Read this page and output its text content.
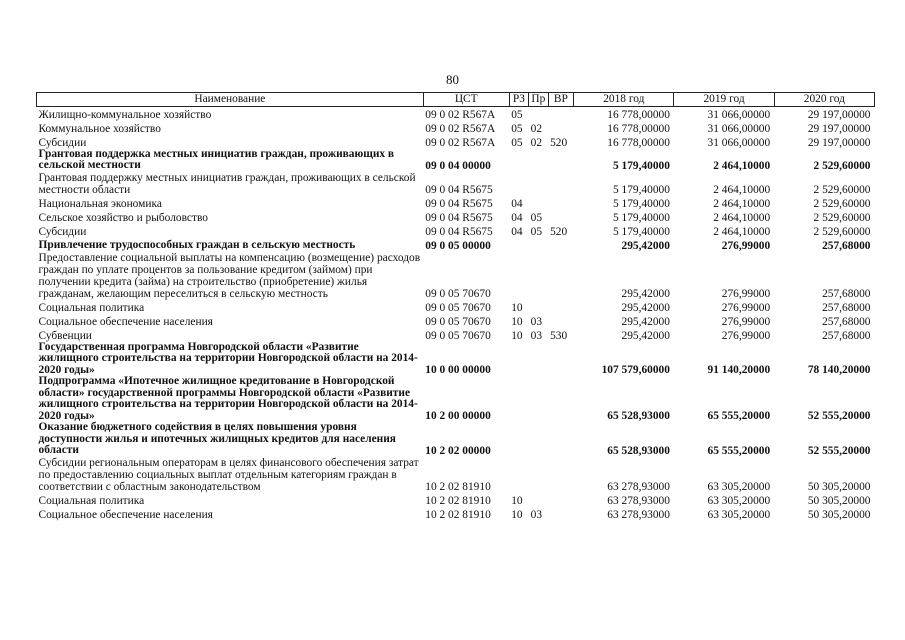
80
Наименование	ЦСТ	РЗ	Пр	ВР	2018 год	2019 год	2020 год
Жилищно-коммунальное хозяйство	09 0 02 R567A	05			16 778,00000	31 066,00000	29 197,00000
Коммунальное хозяйство	09 0 02 R567A	05	02		16 778,00000	31 066,00000	29 197,00000
Субсидии	09 0 02 R567A	05	02	520	16 778,00000	31 066,00000	29 197,00000
Грантовая поддержка местных инициатив граждан, проживающих в сельской местности	09 0 04 00000				5 179,40000	2 464,10000	2 529,60000
Грантовая поддержку местных инициатив граждан, проживающих в сельской местности области	09 0 04 R5675				5 179,40000	2 464,10000	2 529,60000
Национальная экономика	09 0 04 R5675	04			5 179,40000	2 464,10000	2 529,60000
Сельское хозяйство и рыболовство	09 0 04 R5675	04	05		5 179,40000	2 464,10000	2 529,60000
Субсидии	09 0 04 R5675	04	05	520	5 179,40000	2 464,10000	2 529,60000
Привлечение трудоспособных граждан в сельскую местность	09 0 05 00000				295,42000	276,99000	257,68000
Предоставление социальной выплаты на компенсацию (возмещение) расходов граждан по уплате процентов за пользование кредитом (займом) при получении кредита (займа) на строительство (приобретение) жилья гражданам, желающим переселиться в сельскую местность	09 0 05 70670				295,42000	276,99000	257,68000
Социальная политика	09 0 05 70670	10			295,42000	276,99000	257,68000
Социальное обеспечение населения	09 0 05 70670	10	03		295,42000	276,99000	257,68000
Субвенции	09 0 05 70670	10	03	530	295,42000	276,99000	257,68000
Государственная программа Новгородской области «Развитие жилищного строительства на территории Новгородской области на 2014-2020 годы»	10 0 00 00000				107 579,60000	91 140,20000	78 140,20000
Подпрограмма «Ипотечное жилищное кредитование в Новгородской области» государственной программы Новгородской области «Развитие жилищного строительства на территории Новгородской области на 2014-2020 годы»	10 2 00 00000				65 528,93000	65 555,20000	52 555,20000
Оказание бюджетного содействия в целях повышения уровня доступности жилья и ипотечных жилищных кредитов для населения области	10 2 02 00000				65 528,93000	65 555,20000	52 555,20000
Субсидии региональным операторам в целях финансового обеспечения затрат по предоставлению социальных выплат отдельным категориям граждан в соответствии с областным законодательством	10 2 02 81910				63 278,93000	63 305,20000	50 305,20000
Социальная политика	10 2 02 81910	10			63 278,93000	63 305,20000	50 305,20000
Социальное обеспечение населения	10 2 02 81910	10	03		63 278,93000	63 305,20000	50 305,20000
